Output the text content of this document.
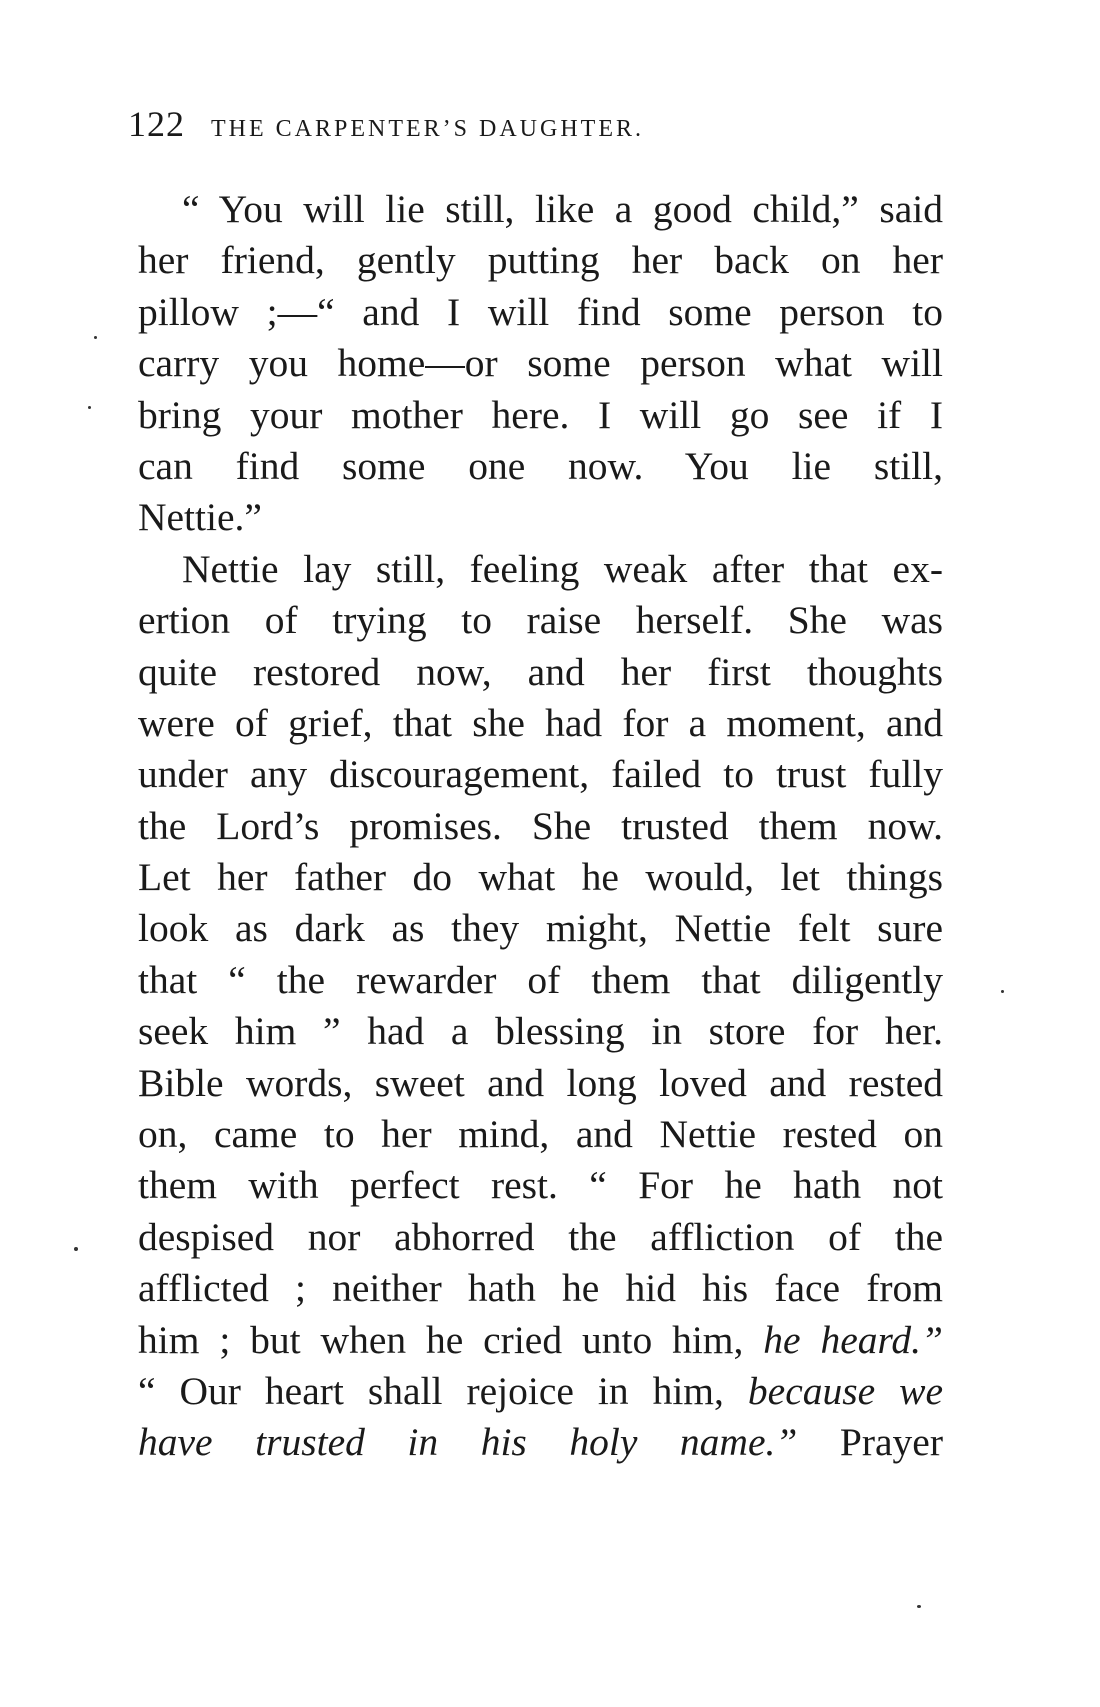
122 THE CARPENTER’S DAUGHTER.
“ You will lie still, like a good child,” said
her friend, gently putting her back on her
pillow ;—“ and I will find some person to
carry you home—or some person what will
bring your mother here. I will go see if I
can find some one now. You lie still,
Nettie.”
Nettie lay still, feeling weak after that ex-
ertion of trying to raise herself. She was
quite restored now, and her first thoughts
were of grief, that she had for a moment, and
under any discouragement, failed to trust fully
the Lord’s promises. She trusted them now.
Let her father do what he would, let things
look as dark as they might, Nettie felt sure
that “ the rewarder of them that diligently
seek him ” had a blessing in store for her.
Bible words, sweet and long loved and rested
on, came to her mind, and Nettie rested on
them with perfect rest. “ For he hath not
despised nor abhorred the affliction of the
afflicted ; neither hath he hid his face from
him ; but when he cried unto him, he heard.”
“ Our heart shall rejoice in him, because we
have trusted in his holy name.” Prayer
